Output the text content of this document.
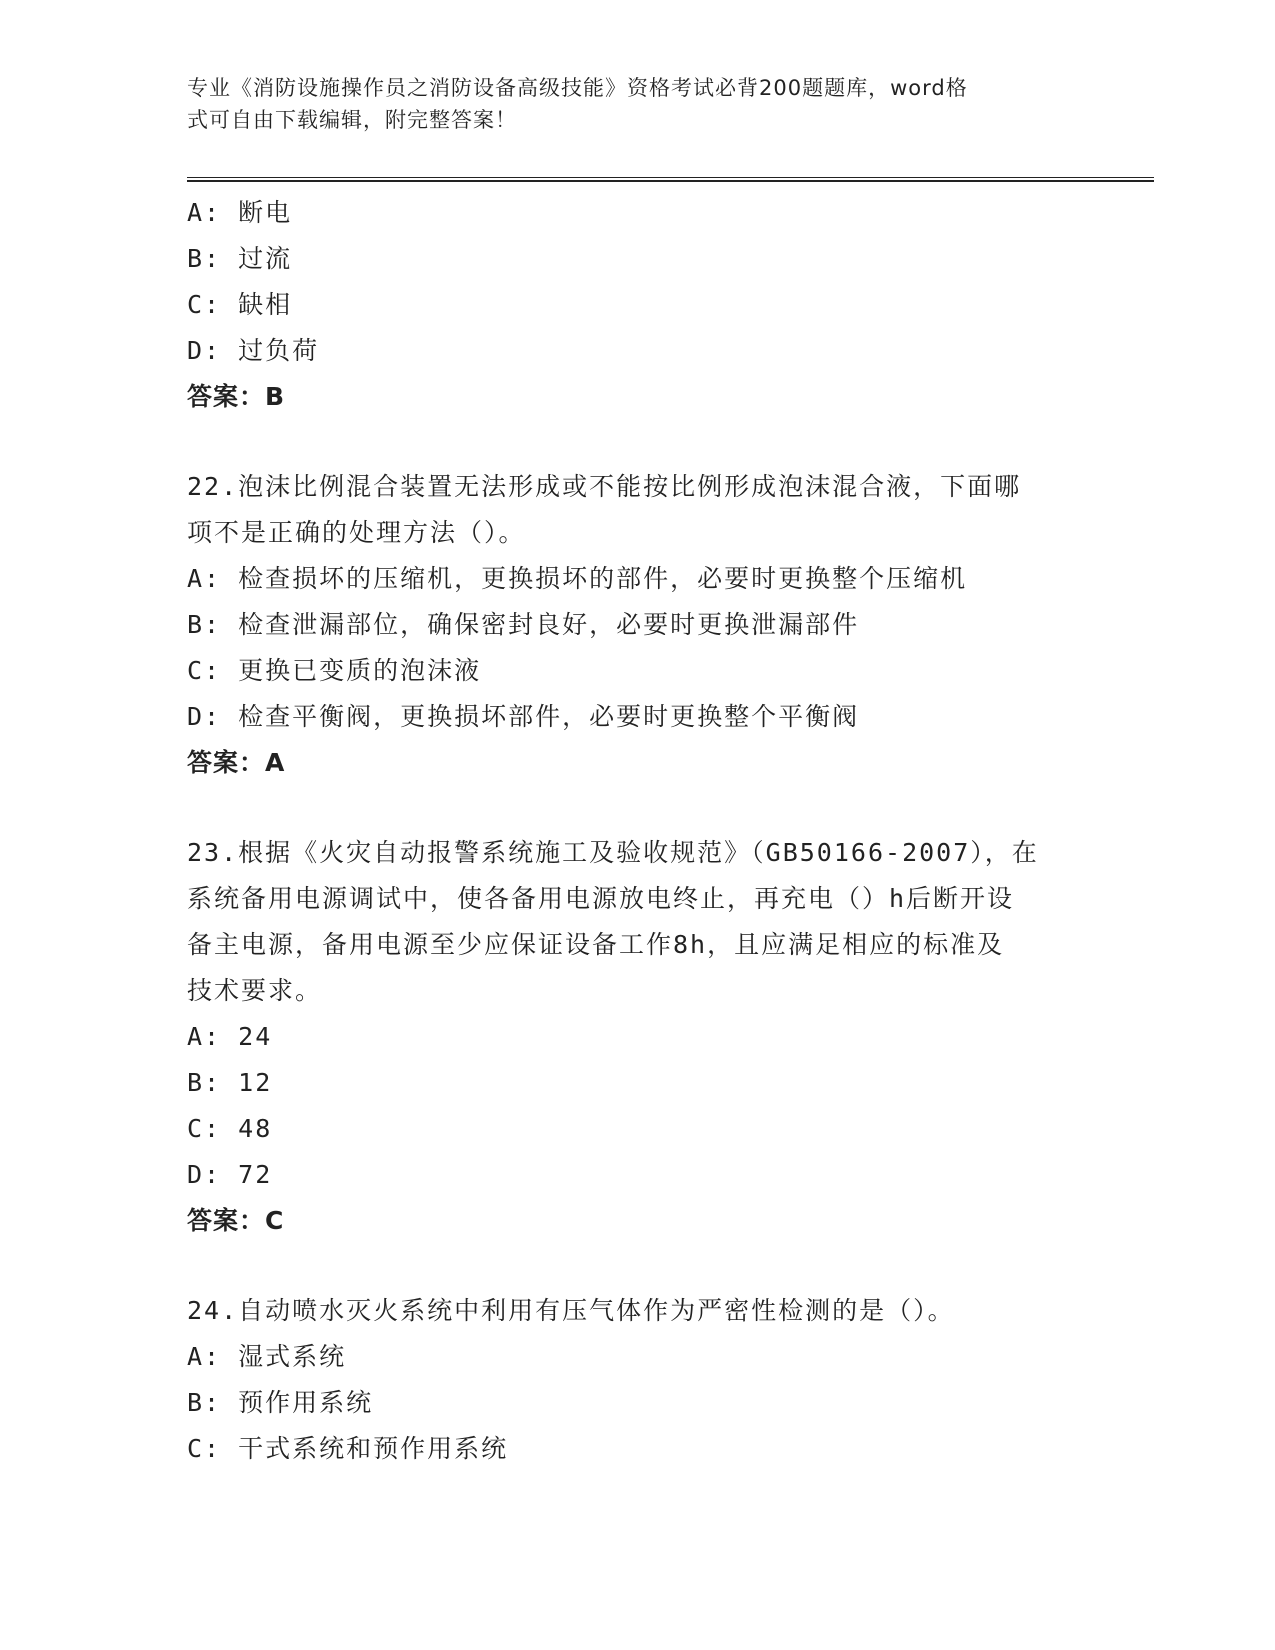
专业《消防设施操作员之消防设备高级技能》资格考试必背200题题库，word格
式可自由下载编辑，附完整答案！
A: 断电
B: 过流
C: 缺相
D: 过负荷
答案：B
22.泡沫比例混合装置无法形成或不能按比例形成泡沫混合液，下面哪
项不是正确的处理方法（）。
A: 检查损坏的压缩机，更换损坏的部件，必要时更换整个压缩机
B: 检查泄漏部位，确保密封良好，必要时更换泄漏部件
C: 更换已变质的泡沫液
D: 检查平衡阀，更换损坏部件，必要时更换整个平衡阀
答案：A
23.根据《火灾自动报警系统施工及验收规范》（GB50166-2007），在
系统备用电源调试中，使各备用电源放电终止，再充电（）h后断开设
备主电源，备用电源至少应保证设备工作8h，且应满足相应的标准及
技术要求。
A: 24
B: 12
C: 48
D: 72
答案：C
24.自动喷水灭火系统中利用有压气体作为严密性检测的是（）。
A: 湿式系统
B: 预作用系统
C: 干式系统和预作用系统
